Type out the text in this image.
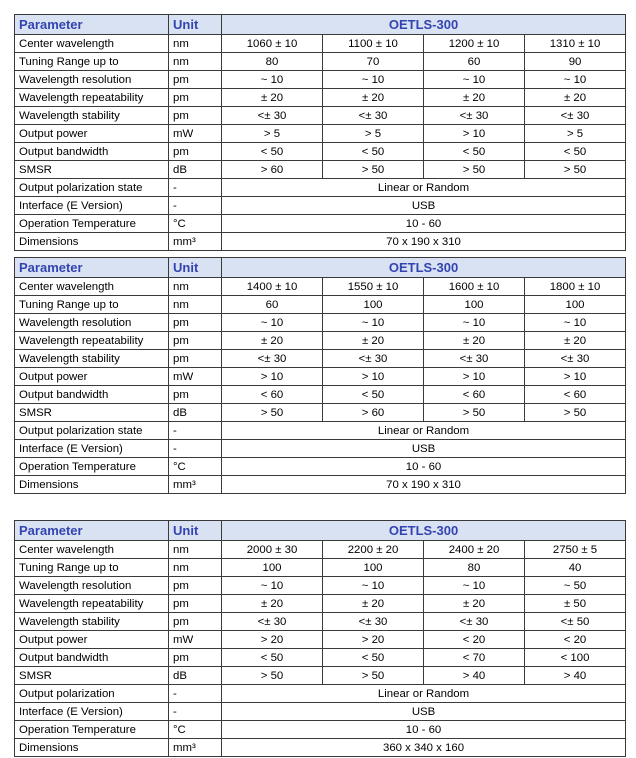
Parameter	Unit	OETLS-300			
Center wavelength	nm	1060 ± 10	1100 ± 10	1200 ± 10	1310 ± 10
Tuning Range up to	nm	80	70	60	90
Wavelength resolution	pm	~ 10	~ 10	~ 10	~ 10
Wavelength repeatability	pm	± 20	± 20	± 20	± 20
Wavelength stability	pm	<± 30	<± 30	<± 30	<± 30
Output power	mW	> 5	> 5	> 10	> 5
Output bandwidth	pm	< 50	< 50	< 50	< 50
SMSR	dB	> 60	> 50	> 50	> 50
Output polarization state	-	Linear or Random			
Interface (E Version)	-	USB			
Operation Temperature	°C	10 - 60			
Dimensions	mm³	70 x 190 x 310			
Parameter	Unit	OETLS-300			
Center wavelength	nm	1400 ± 10	1550 ± 10	1600 ± 10	1800 ± 10
Tuning Range up to	nm	60	100	100	100
Wavelength resolution	pm	~ 10	~ 10	~ 10	~ 10
Wavelength repeatability	pm	± 20	± 20	± 20	± 20
Wavelength stability	pm	<± 30	<± 30	<± 30	<± 30
Output power	mW	> 10	> 10	> 10	> 10
Output bandwidth	pm	< 60	< 50	< 60	< 60
SMSR	dB	> 50	> 60	> 50	> 50
Output polarization state	-	Linear or Random			
Interface (E Version)	-	USB			
Operation Temperature	°C	10 - 60			
Dimensions	mm³	70 x 190 x 310			
Parameter	Unit	OETLS-300			
Center wavelength	nm	2000 ± 30	2200 ± 20	2400 ± 20	2750 ± 5
Tuning Range up to	nm	100	100	80	40
Wavelength resolution	pm	~ 10	~ 10	~ 10	~ 50
Wavelength repeatability	pm	± 20	± 20	± 20	± 50
Wavelength stability	pm	<± 30	<± 30	<± 30	<± 50
Output power	mW	> 20	> 20	< 20	< 20
Output bandwidth	pm	< 50	< 50	< 70	< 100
SMSR	dB	> 50	> 50	> 40	> 40
Output polarization	-	Linear or Random			
Interface (E Version)	-	USB			
Operation Temperature	°C	10 - 60			
Dimensions	mm³	360 x 340 x 160			
